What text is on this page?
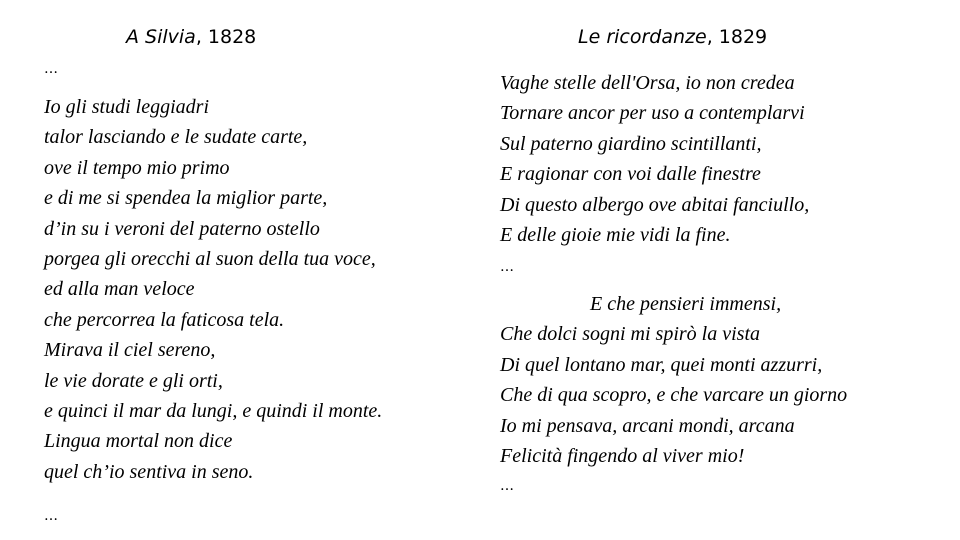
A Silvia, 1828
…
Io gli studi leggiadri
talor lasciando e le sudate carte,
ove il tempo mio primo
e di me si spendea la miglior parte,
d’in su i veroni del paterno ostello
porgea gli orecchi al suon della tua voce,
ed alla man veloce
che percorrea la faticosa tela.
Mirava il ciel sereno,
le vie dorate e gli orti,
e quinci il mar da lungi, e quindi il monte.
Lingua mortal non dice
quel ch’io sentiva in seno.
…
Le ricordanze, 1829
Vaghe stelle dell'Orsa, io non credea
Tornare ancor per uso a contemplarvi
Sul paterno giardino scintillanti,
E ragionar con voi dalle finestre
Di questo albergo ove abitai fanciullo,
E delle gioie mie vidi la fine.
…
E che pensieri immensi,
Che dolci sogni mi spirò la vista
Di quel lontano mar, quei monti azzurri,
Che di qua scopro, e che varcare un giorno
Io mi pensava, arcani mondi, arcana
Felicità fingendo al viver mio!
…
